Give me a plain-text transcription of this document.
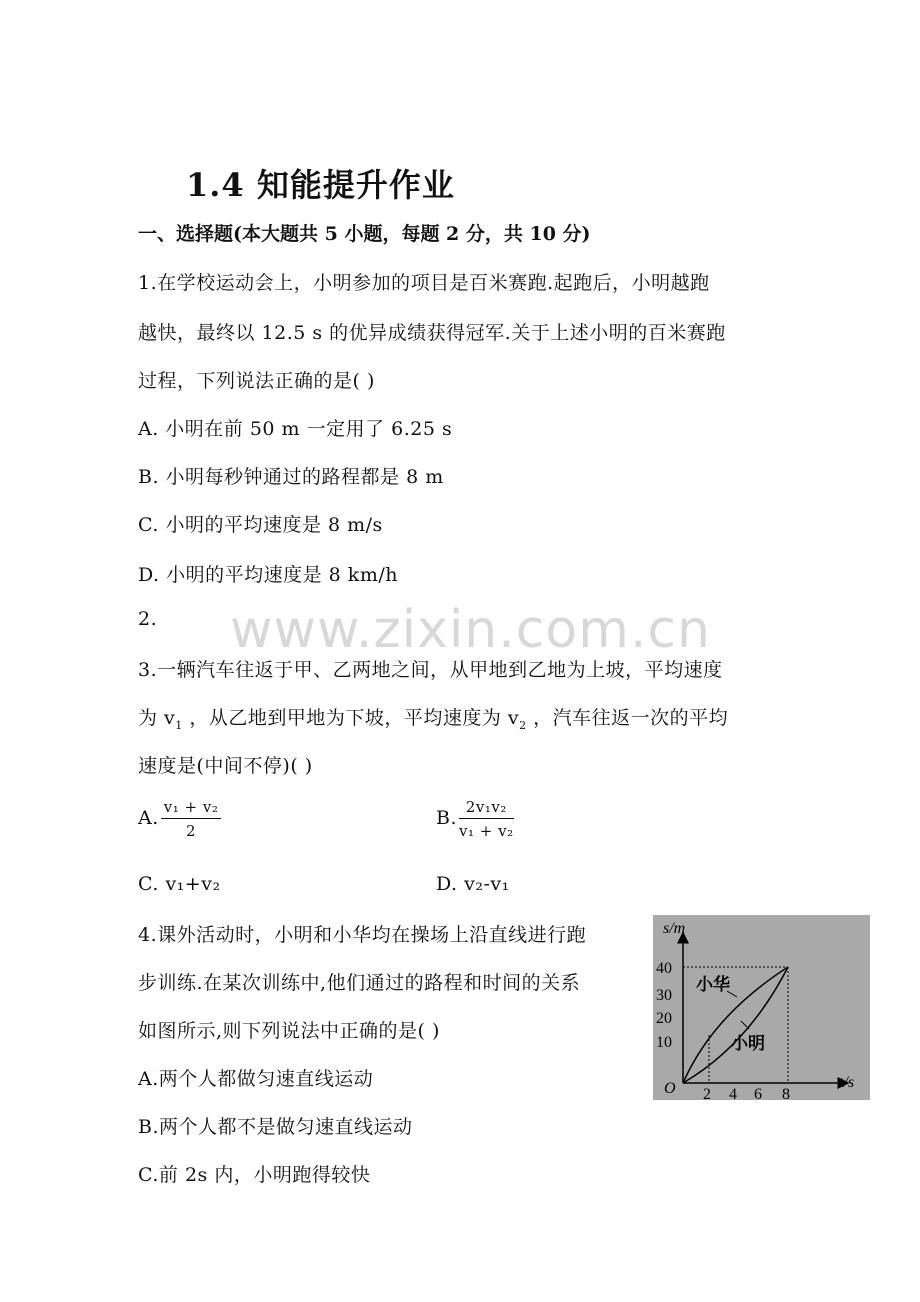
1.4 知能提升作业
一、选择题(本大题共 5 小题，每题 2 分，共 10 分)
www.zixin.com.cn
1.在学校运动会上，小明参加的项目是百米赛跑.起跑后，小明越跑
越快，最终以 12.5 s 的优异成绩获得冠军.关于上述小明的百米赛跑
过程，下列说法正确的是( )
A. 小明在前 50 m 一定用了 6.25 s
B. 小明每秒钟通过的路程都是 8 m
C. 小明的平均速度是 8 m/s
D. 小明的平均速度是 8 km/h
2.
3.一辆汽车往返于甲、乙两地之间，从甲地到乙地为上坡，平均速度
为 $v_1$ ，从乙地到甲地为下坡，平均速度为 $v_2$ ，汽车往返一次的平均
速度是(中间不停)( )
A. $\frac{\text{v₁ + v₂}}{2}$	B. $\frac{\text{2v₁v₂}}{\text{v₁ + v₂}}$
C. v₁+v₂	D. v₂-v₁
4.课外活动时，小明和小华均在操场上沿直线进行跑
步训练.在某次训练中,他们通过的路程和时间的关系
如图所示,则下列说法中正确的是( )
A.两个人都做匀速直线运动
B.两个人都不是做匀速直线运动
C.前 2s 内，小明跑得较快
s/m
t/s
O
40
30
20
10
2 4 6 8
小华
小明
